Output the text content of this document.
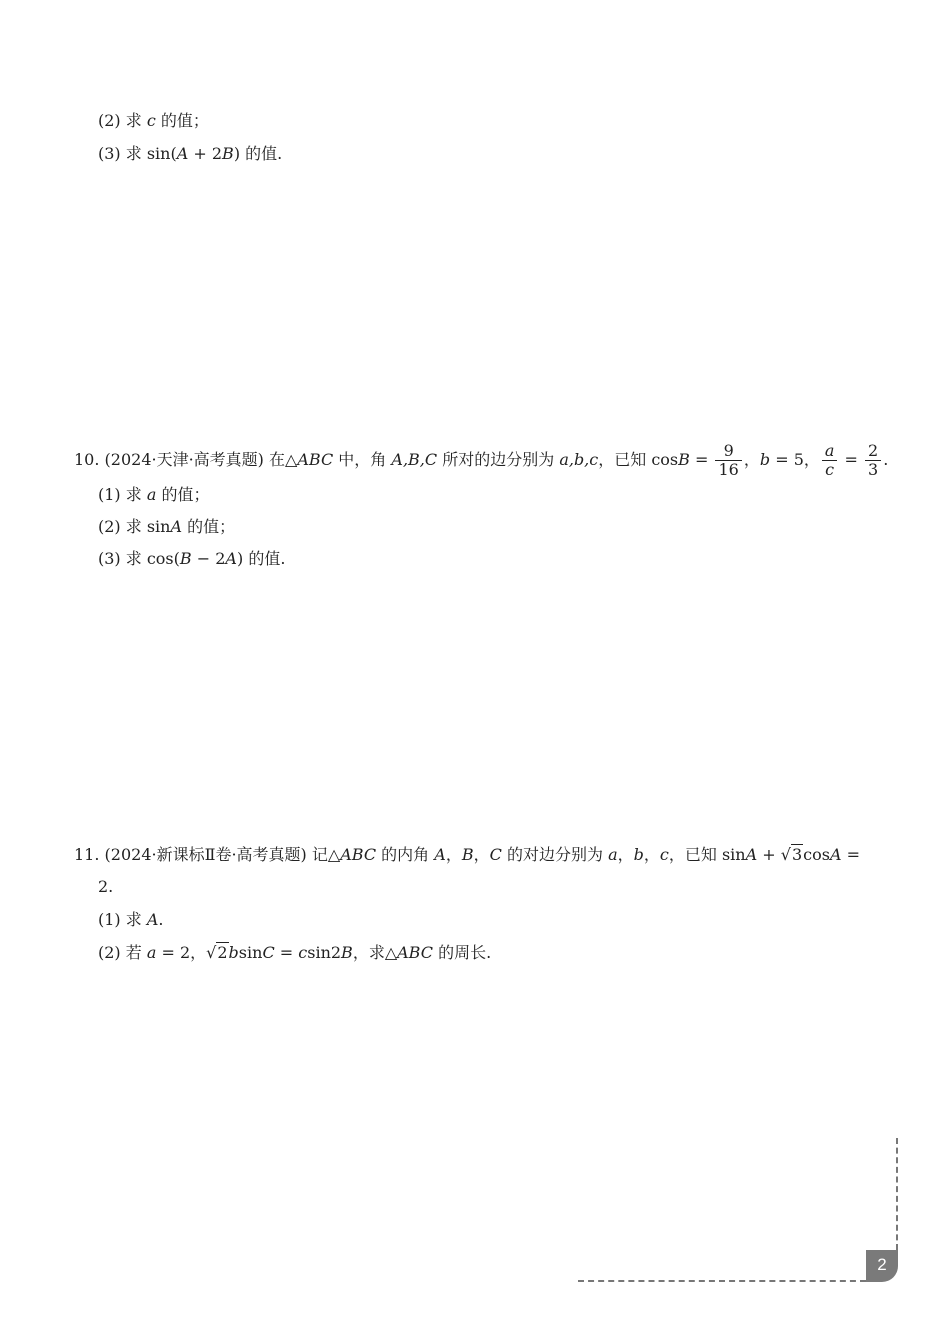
(2) 求 c 的值；
(3) 求 sin(A + 2B) 的值.
10. (2024·天津·高考真题) 在△ABC 中，角 A,B,C 所对的边分别为 a,b,c，已知 $\cos B = \frac{9}{16}$ ，b = 5， $\frac{a}{c} = \frac{2}{3}$ .
(1) 求 a 的值；
(2) 求 sinA 的值；
(3) 求 cos(B − 2A) 的值.
11. (2024·新课标Ⅱ卷·高考真题) 记△ABC 的内角 A，B，C 的对边分别为 a，b，c，已知 sinA + √3cosA =
2.
(1) 求 A.
(2) 若 a = 2，√2bsinC = csin2B，求△ABC 的周长.
2
